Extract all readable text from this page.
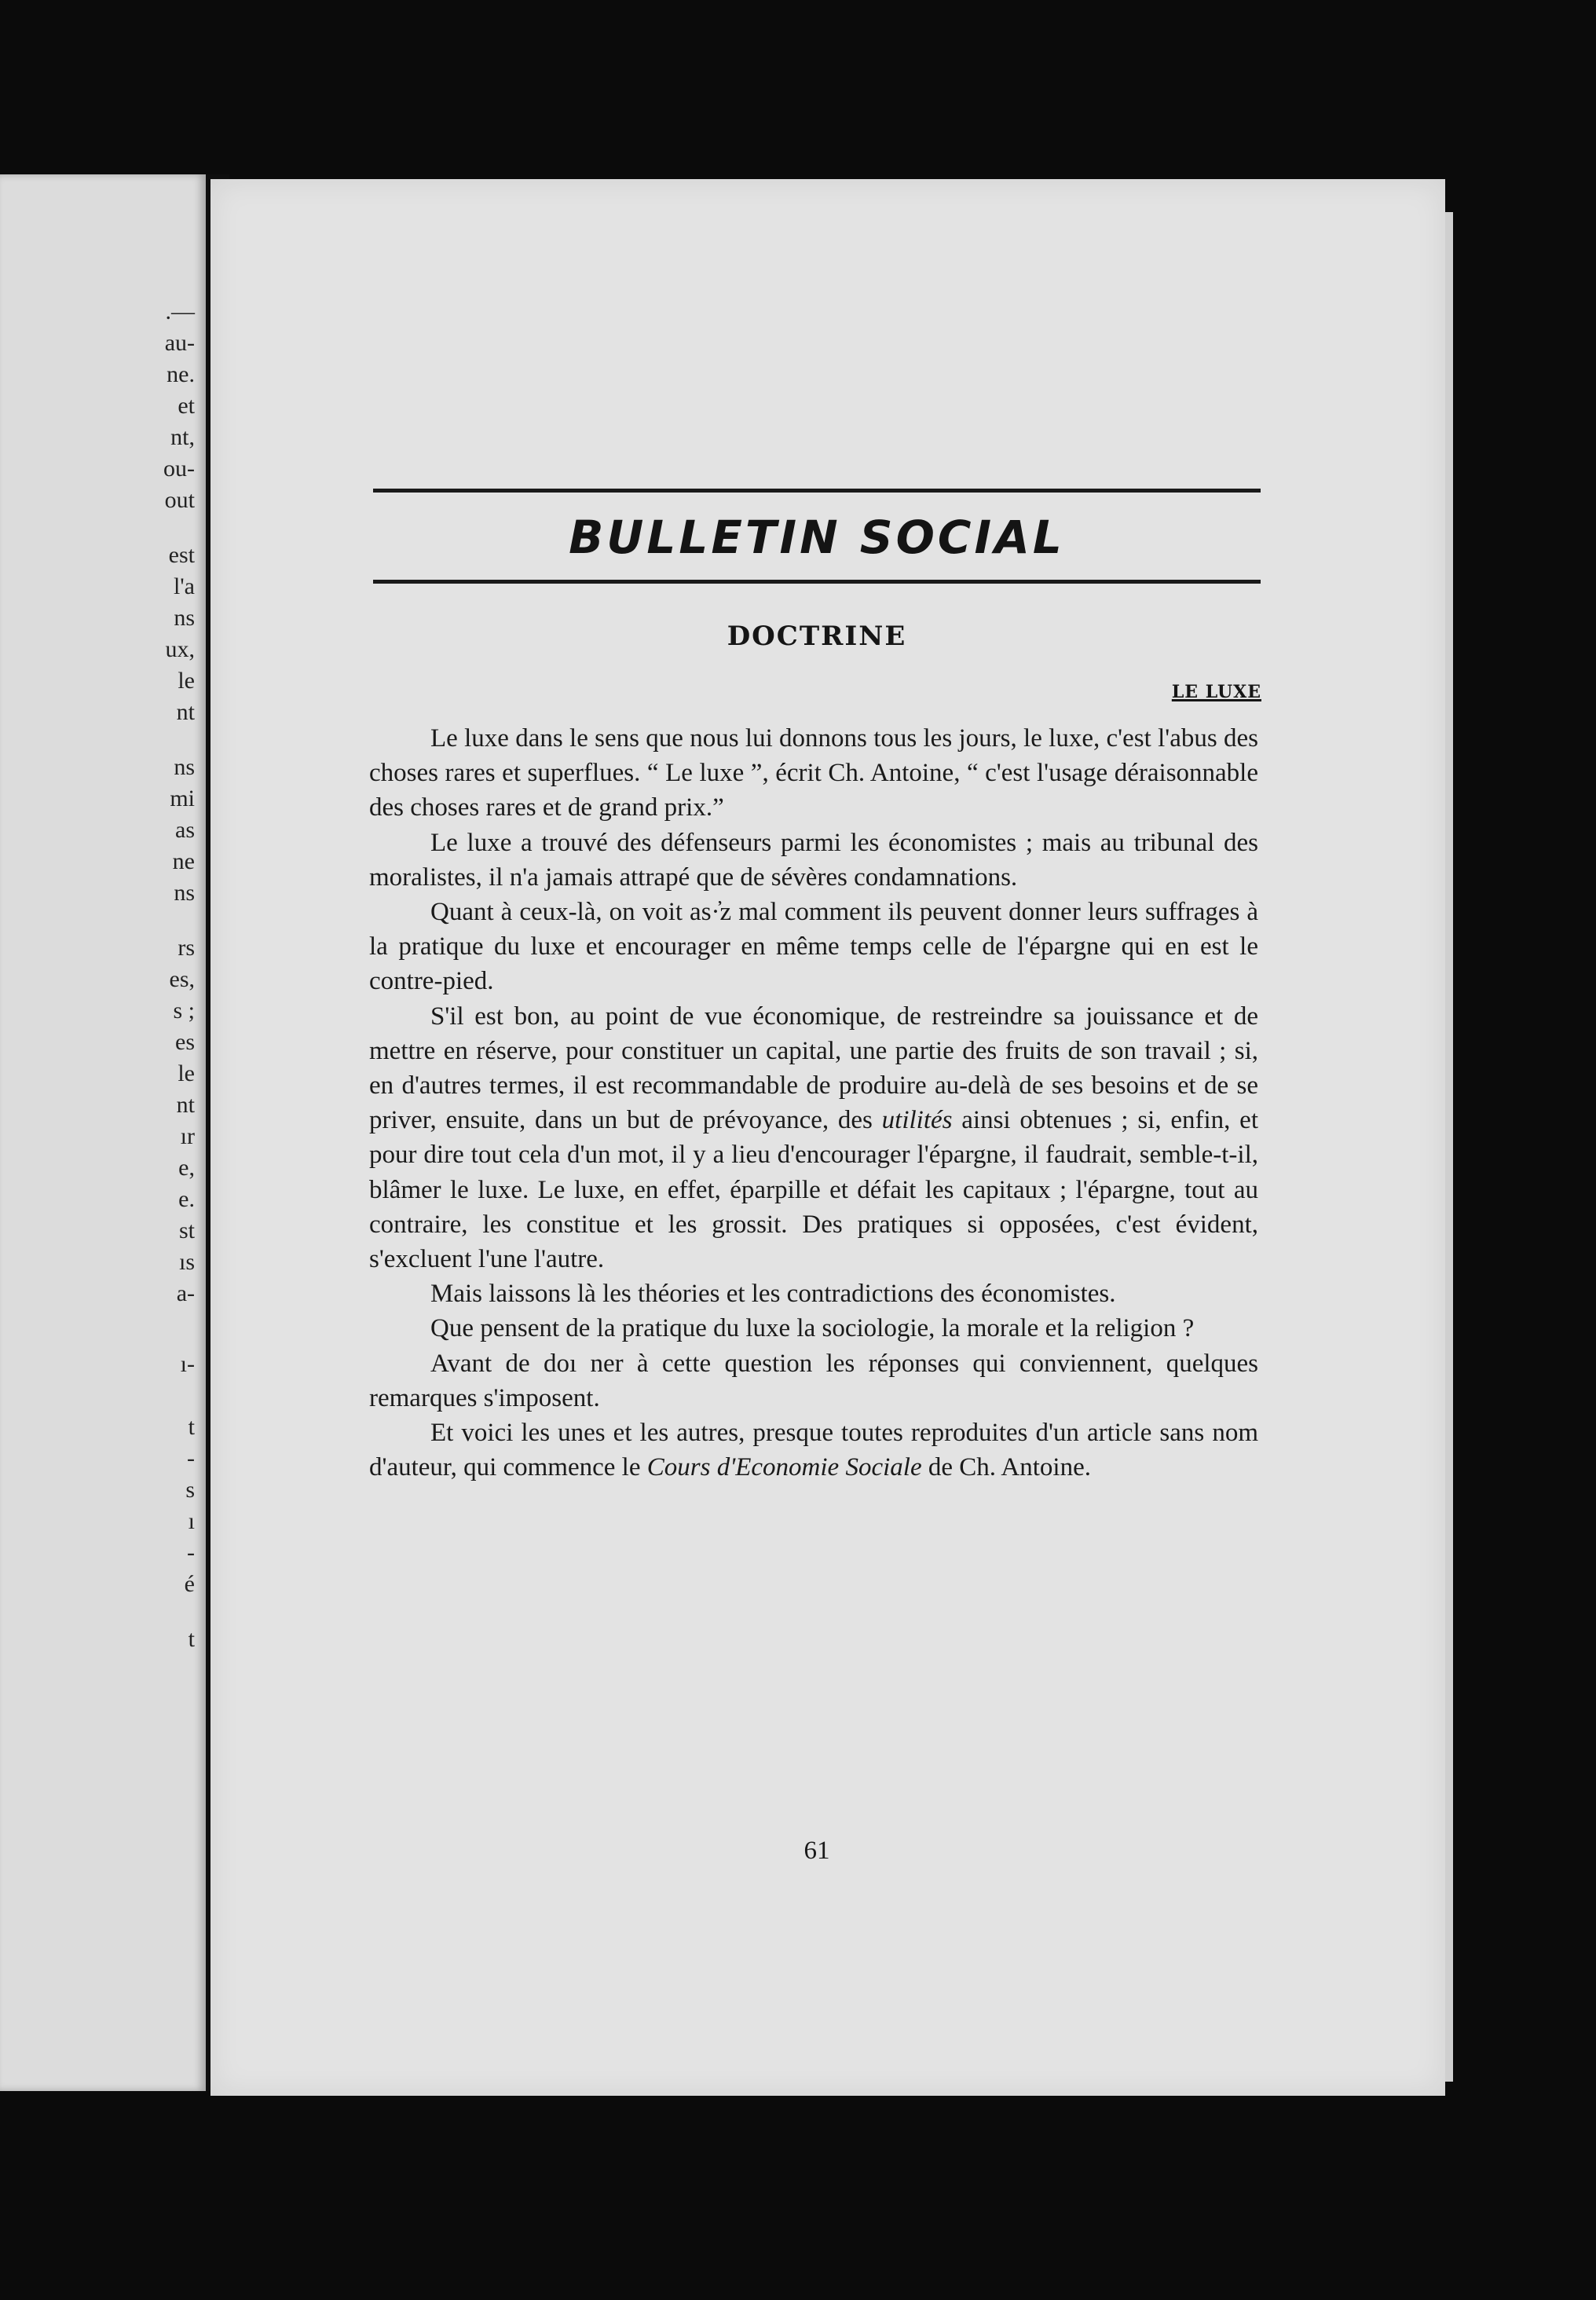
.—
au-
ne.
et
nt,
ou-
out
est
l'a
ns
ux,
le
nt
ns
mi
as
ne
ns
rs
es,
s ;
es
le
nt
ır
e,
e.
st
ıs
a-
ı-
t
-
s
ı
-
é
t
BULLETIN SOCIAL
DOCTRINE
LE LUXE

Le luxe dans le sens que nous lui donnons tous les jours, le luxe, c'est l'abus des choses rares et superflues. “ Le luxe ”, écrit Ch. Antoine, “ c'est l'usage déraisonnable des choses rares et de grand prix.”

Le luxe a trouvé des défenseurs parmi les économistes ; mais au tribunal des moralistes, il n'a jamais attrapé que de sévères condamnations.

Quant à ceux-là, on voit as·̓z mal comment ils peuvent donner leurs suffrages à la pratique du luxe et encourager en même temps celle de l'épargne qui en est le contre-pied.

S'il est bon, au point de vue économique, de restreindre sa jouissance et de mettre en réserve, pour constituer un capital, une partie des fruits de son travail ; si, en d'autres termes, il est recommandable de produire au-delà de ses besoins et de se priver, ensuite, dans un but de prévoyance, des utilités ainsi obtenues ; si, enfin, et pour dire tout cela d'un mot, il y a lieu d'encourager l'épargne, il faudrait, semble-t-il, blâmer le luxe. Le luxe, en effet, éparpille et défait les capitaux ; l'épargne, tout au contraire, les constitue et les grossit. Des pratiques si opposées, c'est évident, s'excluent l'une l'autre.

Mais laissons là les théories et les contradictions des économistes.

Que pensent de la pratique du luxe la sociologie, la morale et la religion ?

Avant de doı ner à cette question les réponses qui conviennent, quelques remarques s'imposent.

Et voici les unes et les autres, presque toutes reproduites d'un article sans nom d'auteur, qui commence le Cours d'Economie Sociale de Ch. Antoine.

61
